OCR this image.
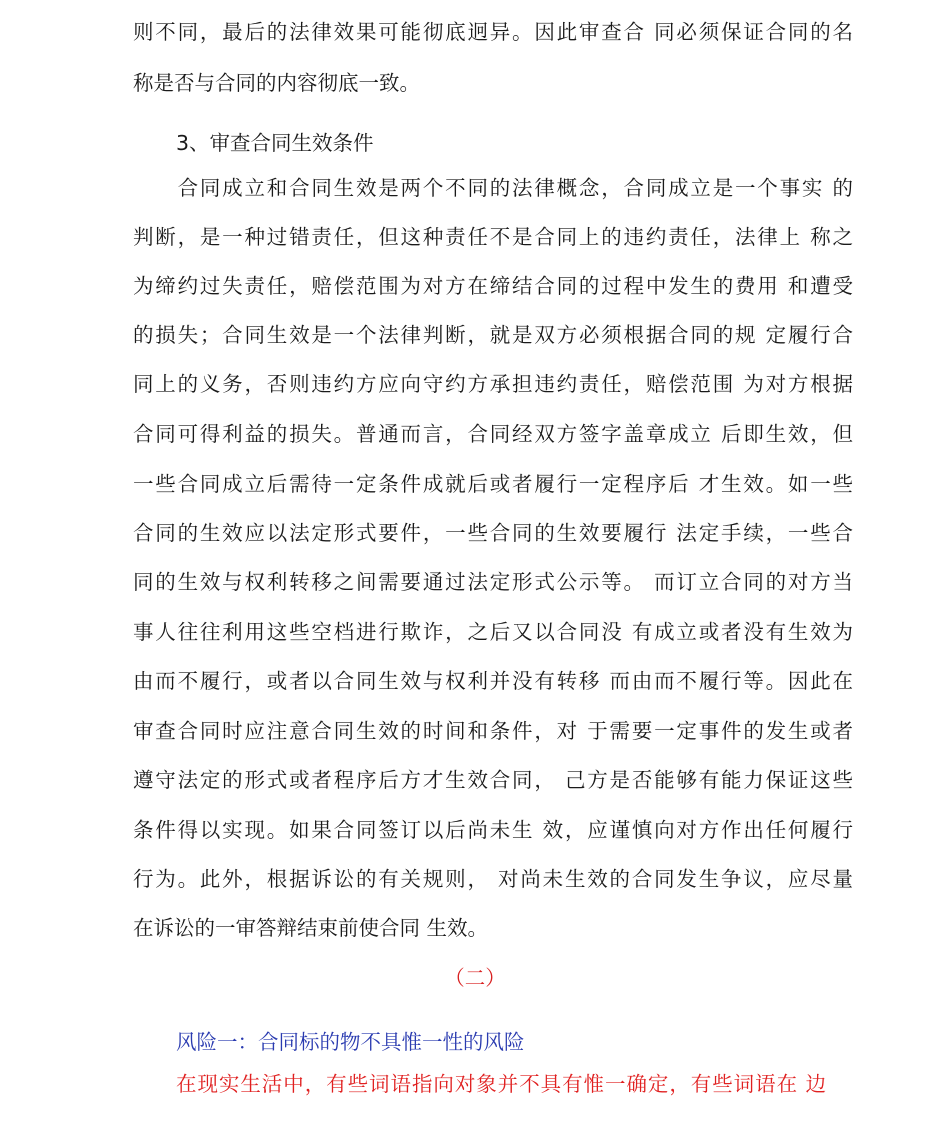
则不同，最后的法律效果可能彻底迥异。因此审查合 同必须保证合同的名
称是否与合同的内容彻底一致。
3、审查合同生效条件
　　合同成立和合同生效是两个不同的法律概念，合同成立是一个事实 的
判断，是一种过错责任，但这种责任不是合同上的违约责任，法律上 称之
为缔约过失责任，赔偿范围为对方在缔结合同的过程中发生的费用 和遭受
的损失；合同生效是一个法律判断，就是双方必须根据合同的规 定履行合
同上的义务，否则违约方应向守约方承担违约责任，赔偿范围 为对方根据
合同可得利益的损失。普通而言，合同经双方签字盖章成立 后即生效，但
一些合同成立后需待一定条件成就后或者履行一定程序后 才生效。如一些
合同的生效应以法定形式要件，一些合同的生效要履行 法定手续，一些合
同的生效与权利转移之间需要通过法定形式公示等。 而订立合同的对方当
事人往往利用这些空档进行欺诈，之后又以合同没 有成立或者没有生效为
由而不履行，或者以合同生效与权利并没有转移 而由而不履行等。因此在
审查合同时应注意合同生效的时间和条件，对 于需要一定事件的发生或者
遵守法定的形式或者程序后方才生效合同， 己方是否能够有能力保证这些
条件得以实现。如果合同签订以后尚未生 效，应谨慎向对方作出任何履行
行为。此外，根据诉讼的有关规则， 对尚未生效的合同发生争议，应尽量
在诉讼的一审答辩结束前使合同 生效。
（二）
风险一：合同标的物不具惟一性的风险
在现实生活中，有些词语指向对象并不具有惟一确定，有些词语在 边
